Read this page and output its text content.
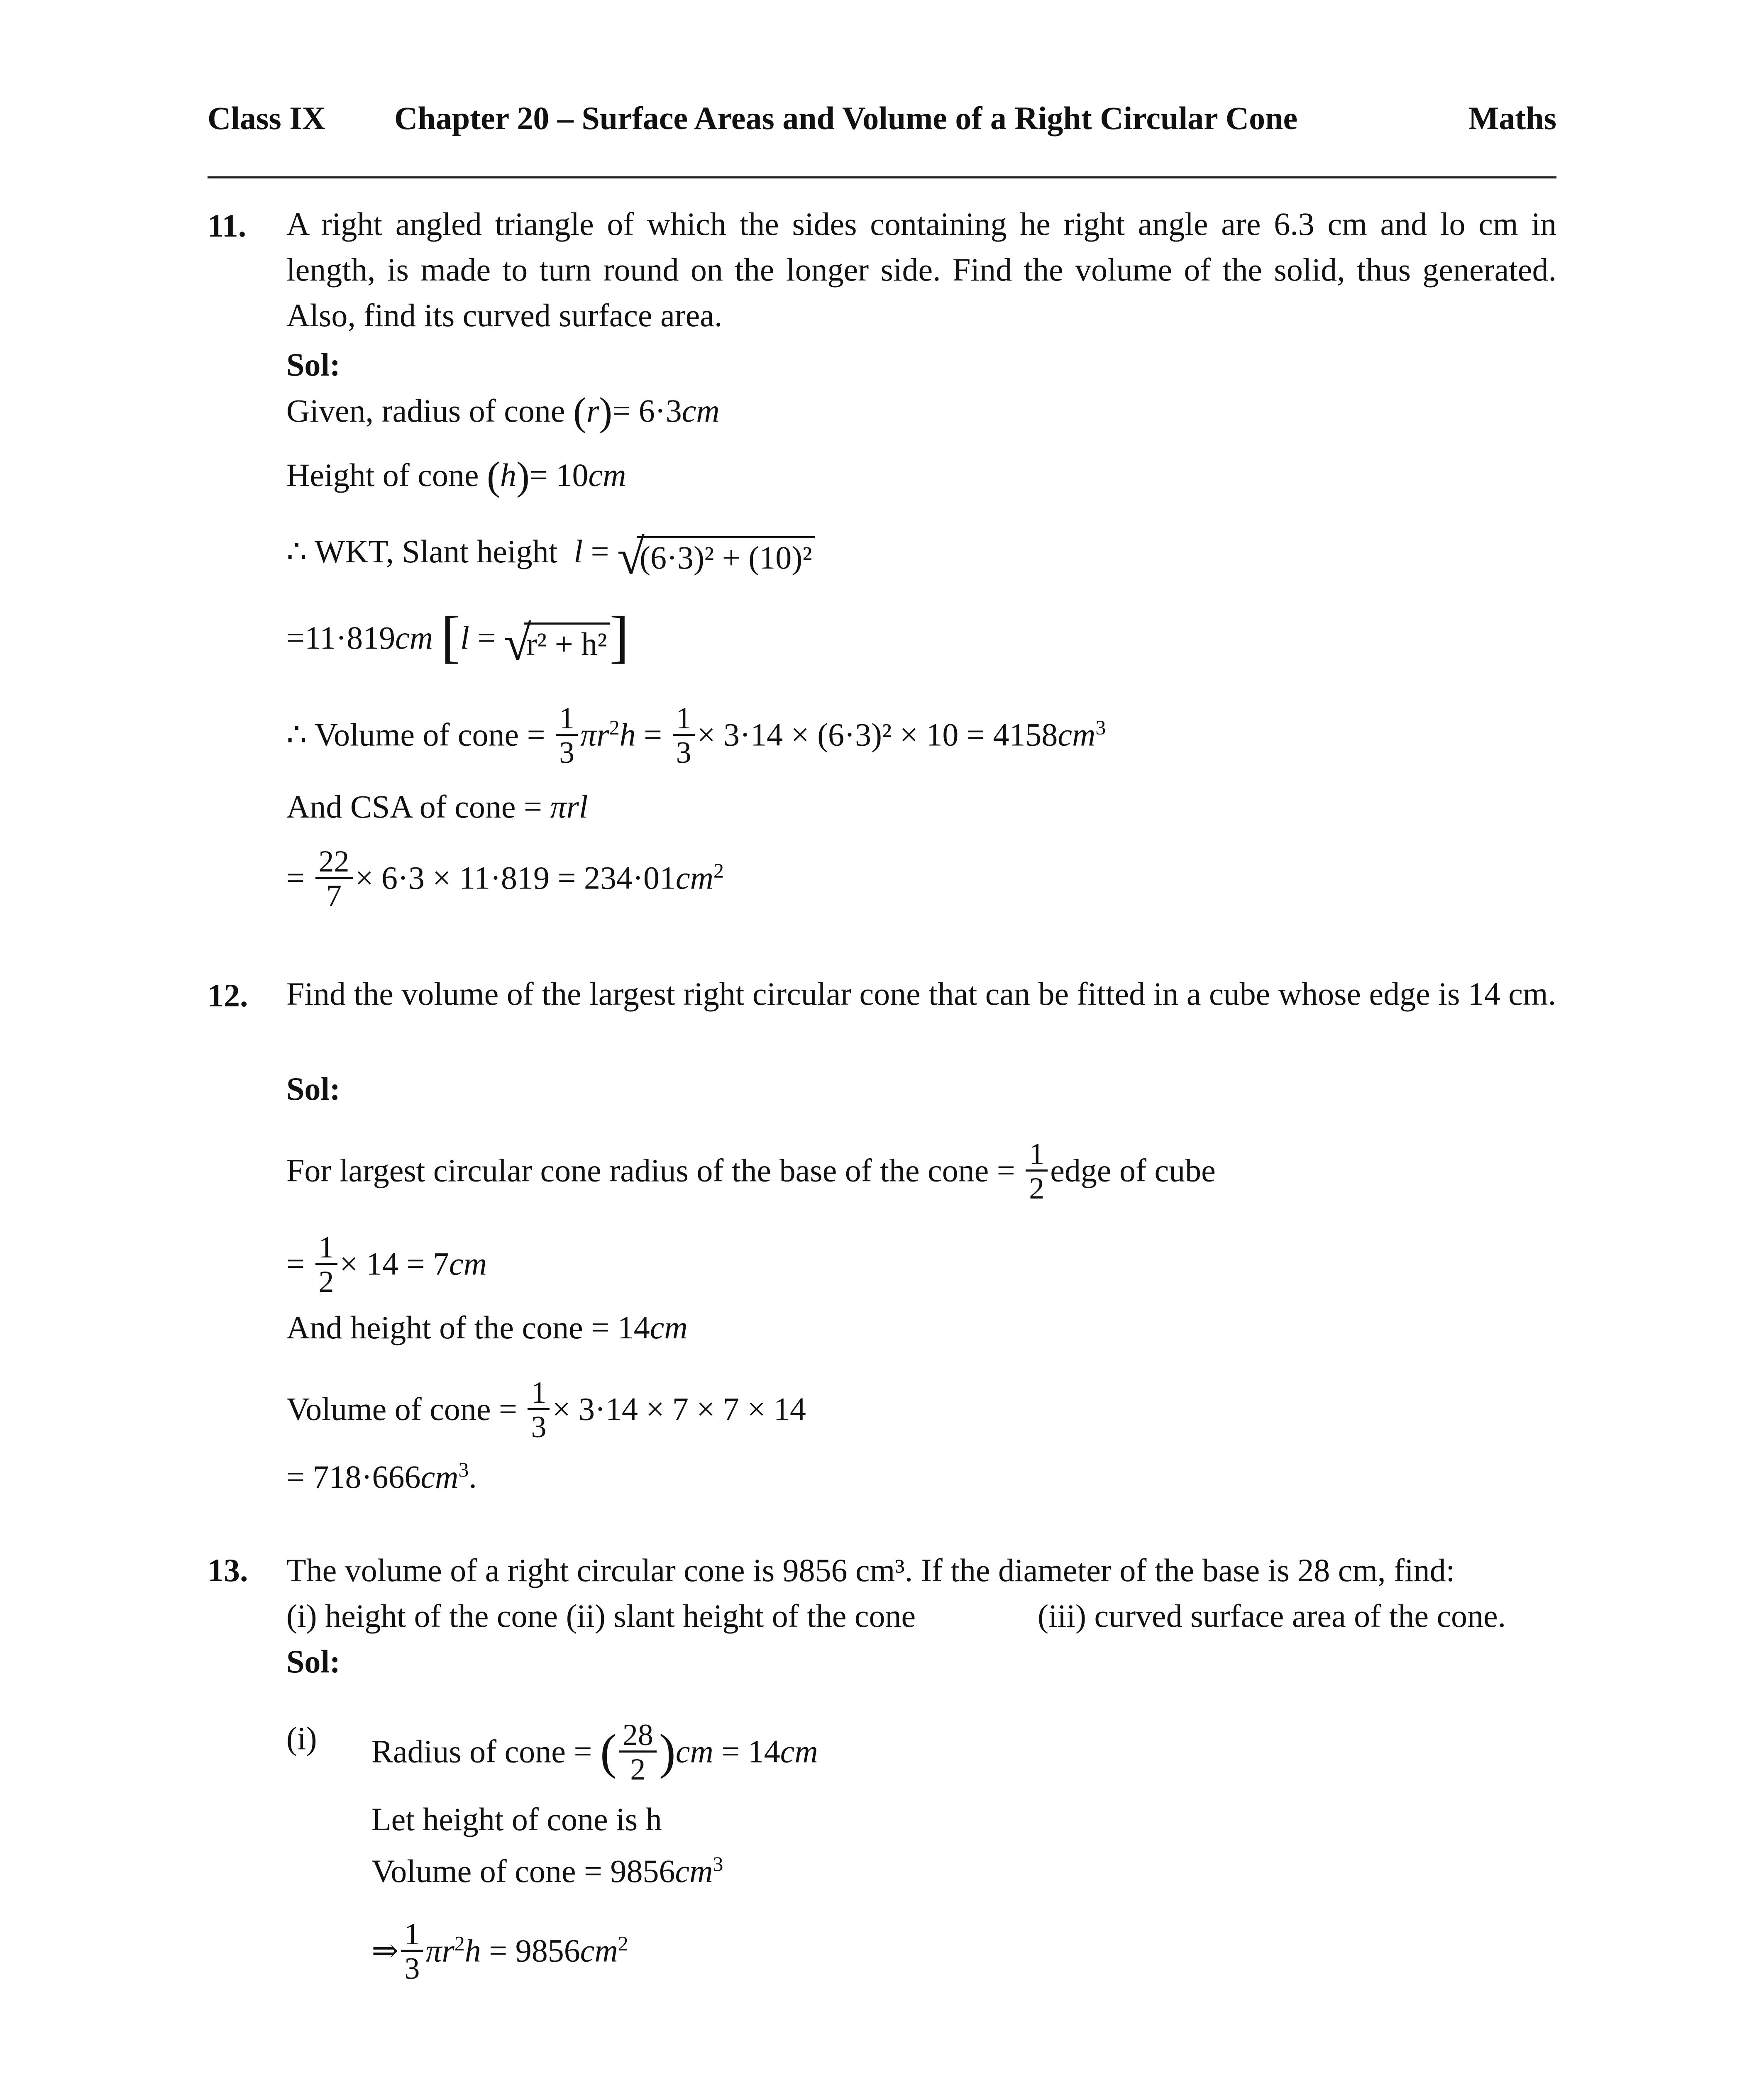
Class IX Chapter 20 – Surface Areas and Volume of a Right Circular Cone	Maths
11. A right angled triangle of which the sides containing he right angle are 6.3 cm and lo cm in length, is made to turn round on the longer side. Find the volume of the solid, thus generated. Also, find its curved surface area.
Sol:
Given, radius of cone (r)= 6·3cm
Height of cone (h)= 10cm
∴ WKT, Slant height  l = √
(6·3)² + (10)²
=11·819cm [l = √
r² + h²]
∴ Volume of cone = $\frac{1}{3} \pi r^2h = \frac{1}{3} \times 3\cdot 14 \times (6\cdot 3)^2 \times 10 = 4158cm^3$
And CSA of cone = πrl
= $\frac{22}{7} \times 6\cdot 3 \times 11\cdot 819 = 234\cdot 01cm^2$
12. Find the volume of the largest right circular cone that can be fitted in a cube whose edge is 14 cm.
Sol:
For largest circular cone radius of the base of the cone = $\frac{1}{2}$ edge of cube
= $\frac{1}{2} \times 14 = 7cm$
And height of the cone = 14cm
Volume of cone = $\frac{1}{3} \times 3\cdot 14 \times 7 \times 7 \times 14$
= $718\cdot 666cm^3$.
13. The volume of a right circular cone is 9856 cm³. If the diameter of the base is 28 cm, find:
(i) height of the cone (ii) slant height of the cone	(iii) curved surface area of the cone.
Sol:
(i) Radius of cone = ( $\frac{28}{2} )cm = 14cm$
Let height of cone is h
Volume of cone = $9856cm^3$
⇒ $\frac{1}{3} \pi r^2h = 9856cm^2$
